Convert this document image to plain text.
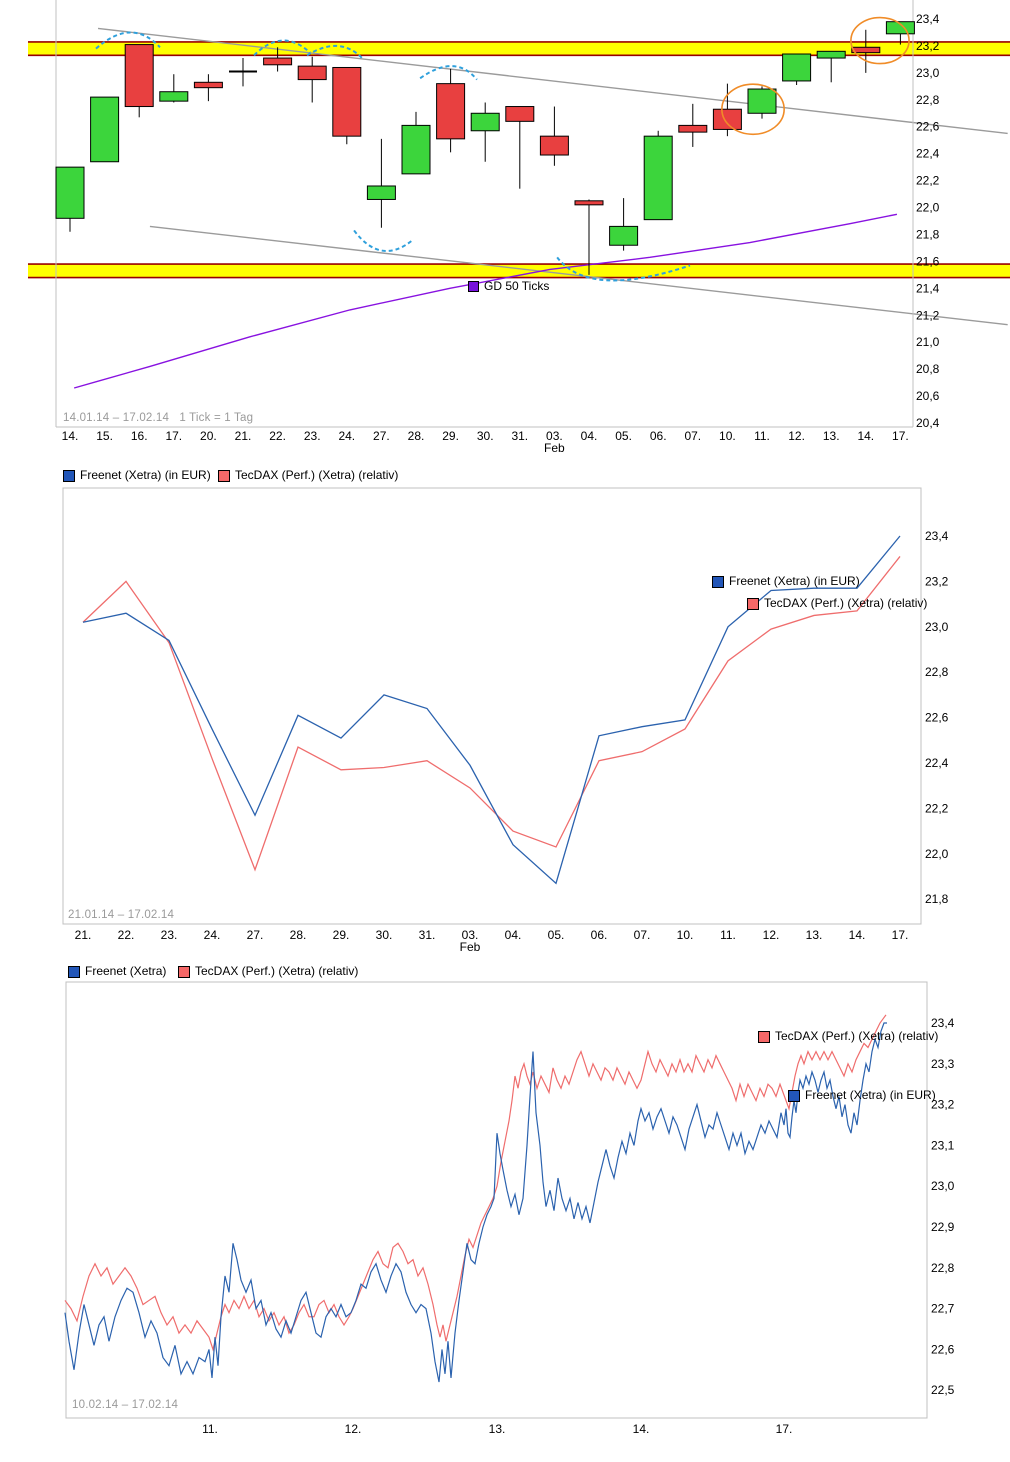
23,4
23,2
23,0
22,8
22,6
22,4
22,2
22,0
21,8
21,6
21,4
21,2
21,0
20,8
20,6
20,4
14. 15. 16. 17. 20. 21. 22. 23. 24. 27. 28. 29. 30. 31. 03. 04. 05. 06. 07. 10. 11. 12. 13. 14. 17.
Feb
23,4
23,2
23,0
22,8
22,6
22,4
22,2
22,0
21,8
21. 22. 23. 24. 27. 28. 29. 30. 31. 03. 04. 05. 06. 07. 10. 11. 12. 13. 14. 17.
Feb
23,4
23,3
23,2
23,1
23,0
22,9
22,8
22,7
22,6
22,5
11.	12.	13.	14.	17.
14.01.14 – 17.02.14 1 Tick = 1 Tag
GD 50 Ticks
Freenet (Xetra) (in EUR) TecDAX (Perf.) (Xetra) (relativ)
Freenet (Xetra) (in EUR)
TecDAX (Perf.) (Xetra) (relativ)
21.01.14 – 17.02.14
Freenet (Xetra) TecDAX (Perf.) (Xetra) (relativ)
TecDAX (Perf.) (Xetra) (relativ)
Freenet (Xetra) (in EUR)
10.02.14 – 17.02.14
